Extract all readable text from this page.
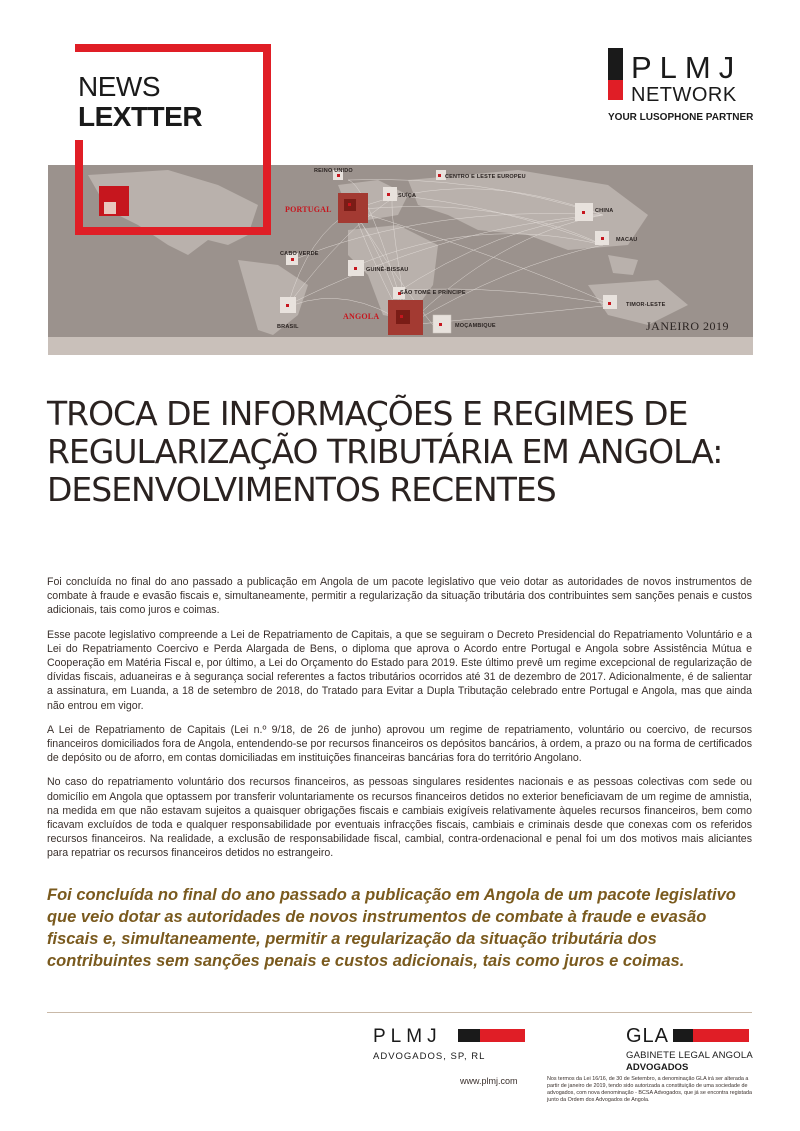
REINO UNIDO
CENTRO E LESTE EUROPEU
SUÍÇA
PORTUGAL	CHINA
MACAU
CABO VERDE
GUINÉ-BISSAU
SÃO TOMÉ E PRÍNCIPE
TIMOR-LESTE
BRASIL
ANGOLA
MOÇAMBIQUE	JANEIRO 2019
NEWS
LEXTTER
PLMJ
NETWORK
YOUR LUSOPHONE PARTNER
TROCA DE INFORMAÇÕES E REGIMES DE
REGULARIZAÇÃO TRIBUTÁRIA EM ANGOLA:
DESENVOLVIMENTOS RECENTES

Foi concluída no final do ano passado a publicação em Angola de um pacote legislativo que veio dotar as autoridades de novos instrumentos de combate à fraude e evasão fiscais e, simultaneamente, permitir a regularização da situação tributária dos contribuintes sem sanções penais e custos adicionais, tais como juros e coimas.

Esse pacote legislativo compreende a Lei de Repatriamento de Capitais, a que se seguiram o Decreto Presidencial do Repatriamento Voluntário e a Lei do Repatriamento Coercivo e Perda Alargada de Bens, o diploma que aprova o Acordo entre Portugal e Angola sobre Assistência Mútua e Cooperação em Matéria Fiscal e, por último, a Lei do Orçamento do Estado para 2019. Este último prevê um regime excepcional de regularização de dívidas fiscais, aduaneiras e à segurança social referentes a factos tributários ocorridos até 31 de dezembro de 2017. Adicionalmente, é de salientar a assinatura, em Luanda, a 18 de setembro de 2018, do Tratado para Evitar a Dupla Tributação celebrado entre Portugal e Angola, mas que ainda não entrou em vigor.

A Lei de Repatriamento de Capitais (Lei n.º 9/18, de 26 de junho) aprovou um regime de repatriamento, voluntário ou coercivo, de recursos financeiros domiciliados fora de Angola, entendendo-se por recursos financeiros os depósitos bancários, à ordem, a prazo ou na forma de certificados de depósito ou de aforro, em contas domiciliadas em instituições financeiras bancárias fora do território Angolano.

No caso do repatriamento voluntário dos recursos financeiros, as pessoas singulares residentes nacionais e as pessoas colectivas com sede ou domicílio em Angola que optassem por transferir voluntariamente os recursos financeiros detidos no exterior beneficiavam de um regime de amnistia, na medida em que não estavam sujeitos a quaisquer obrigações fiscais e cambiais exigíveis relativamente àqueles recursos financeiros, bem como ficavam excluídos de toda e qualquer responsabilidade por eventuais infracções fiscais, cambiais e criminais desde que conexas com os referidos recursos financeiros. Na realidade, a exclusão de responsabilidade fiscal, cambial, contra-ordenacional e penal foi um dos motivos mais aliciantes para repatriar os recursos financeiros detidos no estrangeiro.

Foi concluída no final do ano passado a publicação em Angola de um pacote legislativo que veio dotar as autoridades de novos instrumentos de combate à fraude e evasão fiscais e, simultaneamente, permitir a regularização da situação tributária dos contribuintes sem sanções penais e custos adicionais, tais como juros e coimas.
PLMJ
ADVOGADOS, SP, RL
www.plmj.com
GLA
GABINETE LEGAL ANGOLA
ADVOGADOS
Nos termos da Lei 16/16, de 30 de Setembro, a denominação GLA irá ser alterada a partir de janeiro de 2019, tendo sido autorizada a constituição de uma sociedade de advogados, com nova denominação - BCSA Advogados, que já se encontra registada junto da Ordem dos Advogados de Angola.
